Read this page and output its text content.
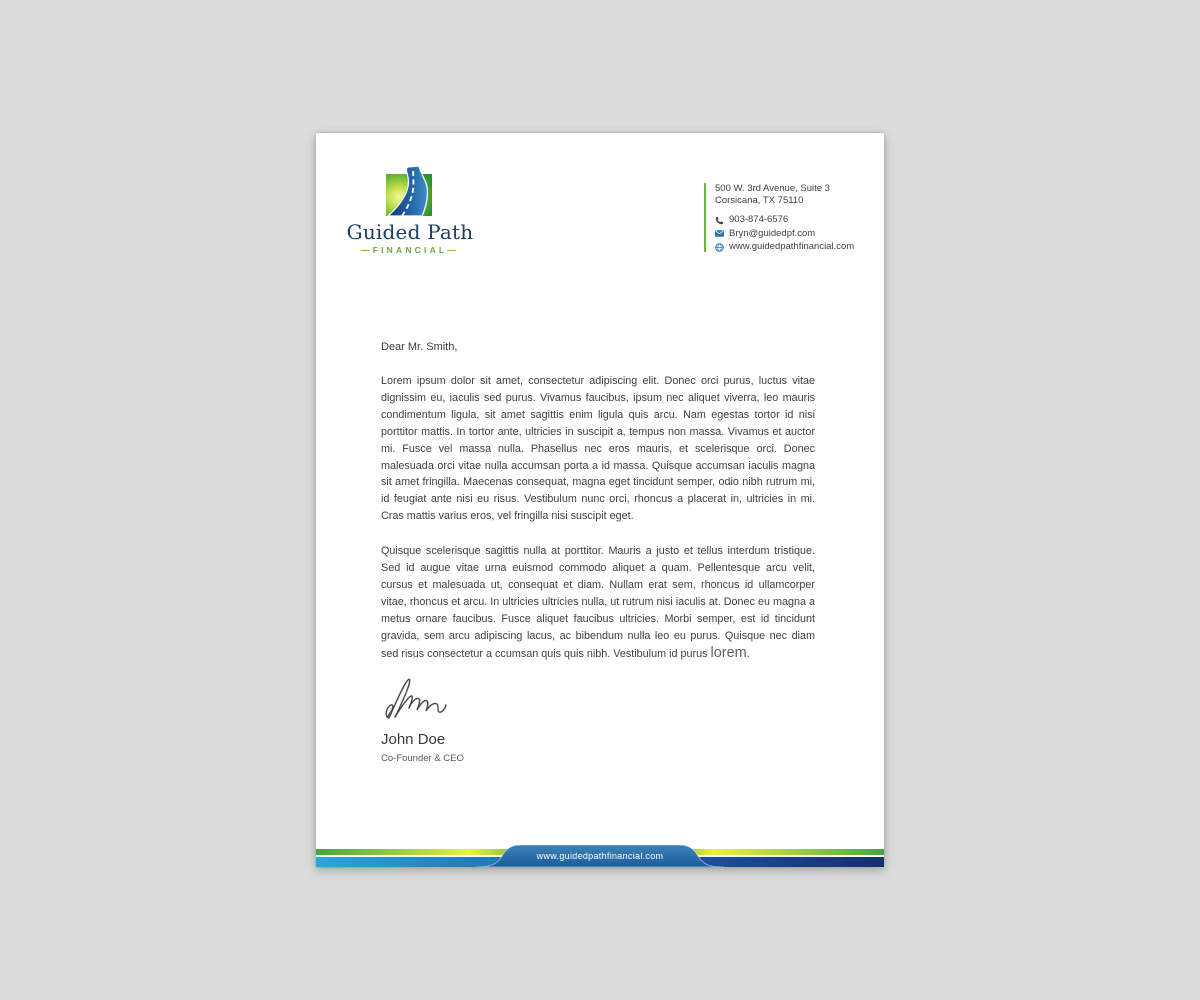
Guided Path
—FINANCIAL—
500 W. 3rd Avenue, Suite 3
Corsicana, TX 75110
903-874-6576
Bryn@guidedpf.com
www.guidedpathfinancial.com

Dear Mr. Smith,

Lorem ipsum dolor sit amet, consectetur adipiscing elit. Donec orci purus, luctus vitae dignissim eu, iaculis sed purus. Vivamus faucibus, ipsum nec aliquet viverra, leo mauris condimentum ligula, sit amet sagittis enim ligula quis arcu. Nam egestas tortor id nisi porttitor mattis. In tortor ante, ultricies in suscipit a, tempus non massa. Vivamus et auctor mi. Fusce vel massa nulla. Phasellus nec eros mauris, et scelerisque orci. Donec malesuada orci vitae nulla accumsan porta a id massa. Quisque accumsan iaculis magna sit amet fringilla. Maecenas consequat, magna eget tincidunt semper, odio nibh rutrum mi, id feugiat ante nisi eu risus. Vestibulum nunc orci, rhoncus a placerat in, ultricies in mi. Cras mattis varius eros, vel fringilla nisi suscipit eget.

Quisque scelerisque sagittis nulla at porttitor. Mauris a justo et tellus interdum tristique. Sed id augue vitae urna euismod commodo aliquet a quam. Pellentesque arcu velit, cursus et malesuada ut, consequat et diam. Nullam erat sem, rhoncus id ullamcorper vitae, rhoncus et arcu. In ultricies ultricies nulla, ut rutrum nisi iaculis at. Donec eu magna a metus ornare faucibus. Fusce aliquet faucibus ultricies. Morbi semper, est id tincidunt gravida, sem arcu adipiscing lacus, ac bibendum nulla leo eu purus. Quisque nec diam sed risus consectetur a ccumsan quis quis nibh. Vestibulum id purus lorem.

John Doe
Co-Founder & CEO
www.guidedpathfinancial.com
